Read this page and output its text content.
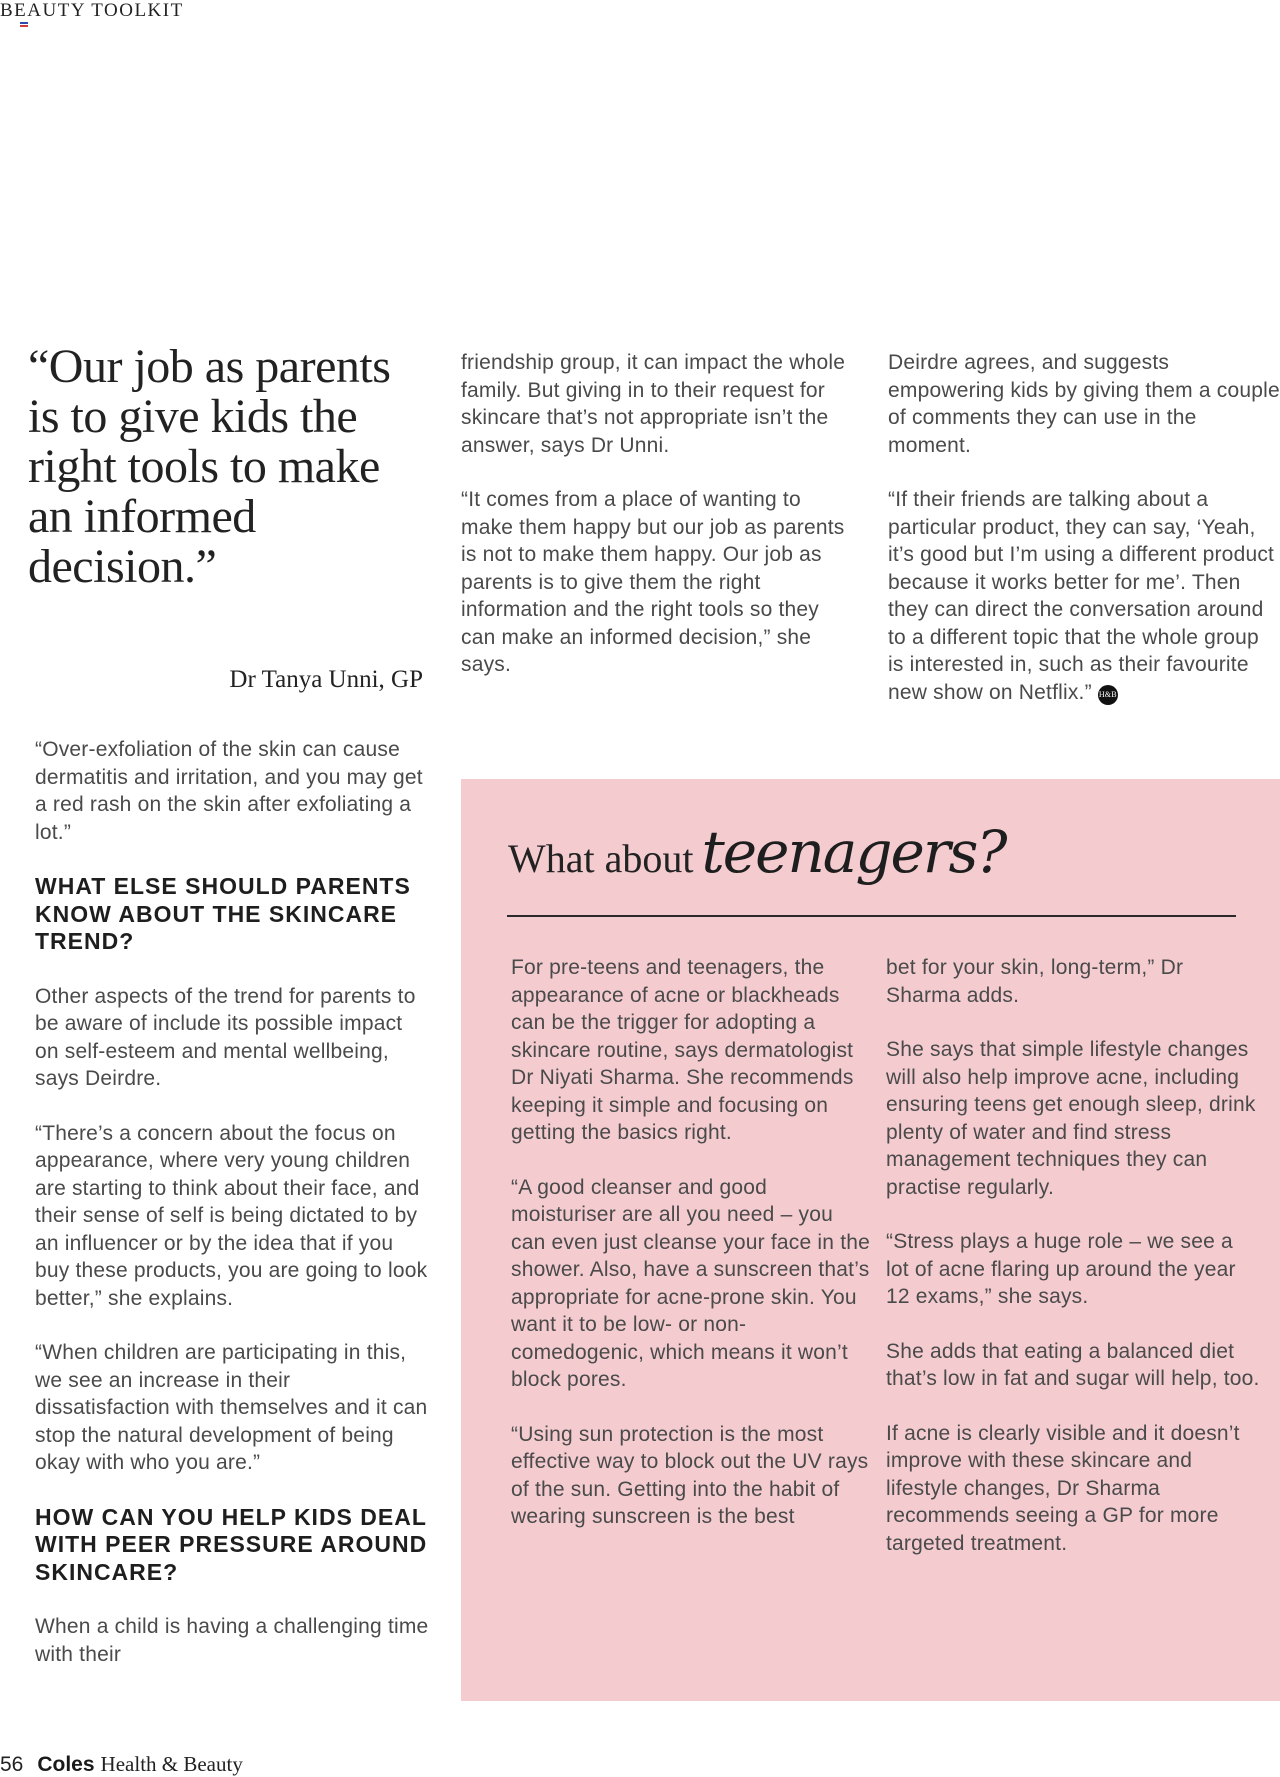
BEAUTY TOOLKIT
“Our job as parents is to give kids the right tools to make an informed decision.”
Dr Tanya Unni, GP

“Over-exfoliation of the skin can cause dermatitis and irritation, and you may get a red rash on the skin after exfoliating a lot.”

WHAT ELSE SHOULD PARENTS KNOW ABOUT THE SKINCARE TREND?

Other aspects of the trend for parents to be aware of include its possible impact on self-esteem and mental wellbeing, says Deirdre.

“There’s a concern about the focus on appearance, where very young children are starting to think about their face, and their sense of self is being dictated to by an influencer or by the idea that if you buy these products, you are going to look better,” she explains.

“When children are participating in this, we see an increase in their dissatisfaction with themselves and it can stop the natural development of being okay with who you are.”

HOW CAN YOU HELP KIDS DEAL WITH PEER PRESSURE AROUND SKINCARE?

When a child is having a challenging time with their

friendship group, it can impact the whole family. But giving in to their request for skincare that’s not appropriate isn’t the answer, says Dr Unni.

“It comes from a place of wanting to make them happy but our job as parents is not to make them happy. Our job as parents is to give them the right information and the right tools so they can make an informed decision,” she says.

Deirdre agrees, and suggests empowering kids by giving them a couple of comments they can use in the moment.

“If their friends are talking about a particular product, they can say, ‘Yeah, it’s good but I’m using a different product because it works better for me’. Then they can direct the conversation around to a different topic that the whole group is interested in, such as their favourite new show on Netflix.” H&B

What about teenagers?

For pre-teens and teenagers, the appearance of acne or blackheads can be the trigger for adopting a skincare routine, says dermatologist Dr Niyati Sharma. She recommends keeping it simple and focusing on getting the basics right.

“A good cleanser and good moisturiser are all you need – you can even just cleanse your face in the shower. Also, have a sunscreen that’s appropriate for acne-prone skin. You want it to be low- or non-comedogenic, which means it won’t block pores.

“Using sun protection is the most effective way to block out the UV rays of the sun. Getting into the habit of wearing sunscreen is the best

bet for your skin, long-term,” Dr Sharma adds.

She says that simple lifestyle changes will also help improve acne, including ensuring teens get enough sleep, drink plenty of water and find stress management techniques they can practise regularly.

“Stress plays a huge role – we see a lot of acne flaring up around the year 12 exams,” she says.

She adds that eating a balanced diet that’s low in fat and sugar will help, too.

If acne is clearly visible and it doesn’t improve with these skincare and lifestyle changes, Dr Sharma recommends seeing a GP for more targeted treatment.

56 Coles Health & Beauty
